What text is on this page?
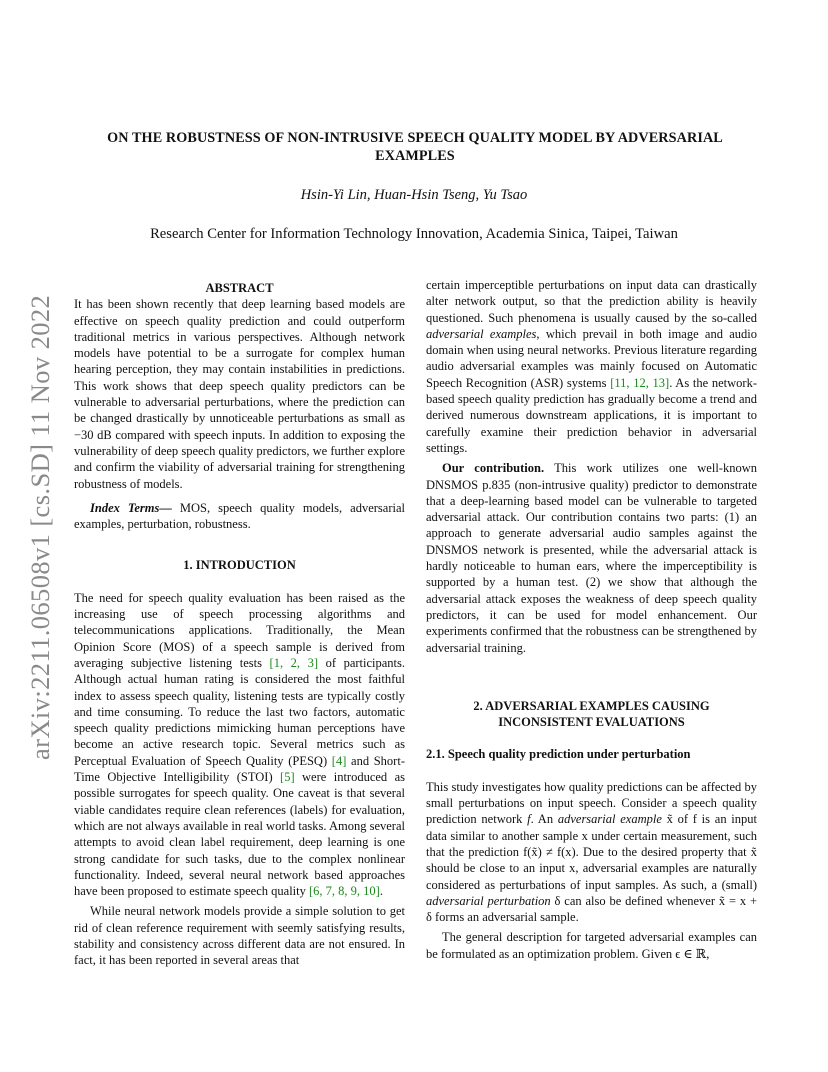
ON THE ROBUSTNESS OF NON-INTRUSIVE SPEECH QUALITY MODEL BY ADVERSARIAL EXAMPLES
Hsin-Yi Lin, Huan-Hsin Tseng, Yu Tsao
Research Center for Information Technology Innovation, Academia Sinica, Taipei, Taiwan
arXiv:2211.06508v1 [cs.SD] 11 Nov 2022

ABSTRACT

It has been shown recently that deep learning based models are effective on speech quality prediction and could outperform traditional metrics in various perspectives. Although network models have potential to be a surrogate for complex human hearing perception, they may contain instabilities in predictions. This work shows that deep speech quality predictors can be vulnerable to adversarial perturbations, where the prediction can be changed drastically by unnoticeable perturbations as small as −30 dB compared with speech inputs. In addition to exposing the vulnerability of deep speech quality predictors, we further explore and confirm the viability of adversarial training for strengthening robustness of models.

Index Terms— MOS, speech quality models, adversarial examples, perturbation, robustness.

1. INTRODUCTION

The need for speech quality evaluation has been raised as the increasing use of speech processing algorithms and telecommunications applications. Traditionally, the Mean Opinion Score (MOS) of a speech sample is derived from averaging subjective listening tests [1, 2, 3] of participants. Although actual human rating is considered the most faithful index to assess speech quality, listening tests are typically costly and time consuming. To reduce the last two factors, automatic speech quality predictions mimicking human perceptions have become an active research topic. Several metrics such as Perceptual Evaluation of Speech Quality (PESQ) [4] and Short-Time Objective Intelligibility (STOI) [5] were introduced as possible surrogates for speech quality. One caveat is that several viable candidates require clean references (labels) for evaluation, which are not always available in real world tasks. Among several attempts to avoid clean label requirement, deep learning is one strong candidate for such tasks, due to the complex nonlinear functionality. Indeed, several neural network based approaches have been proposed to estimate speech quality [6, 7, 8, 9, 10].

While neural network models provide a simple solution to get rid of clean reference requirement with seemly satisfying results, stability and consistency across different data are not ensured. In fact, it has been reported in several areas that

certain imperceptible perturbations on input data can drastically alter network output, so that the prediction ability is heavily questioned. Such phenomena is usually caused by the so-called adversarial examples, which prevail in both image and audio domain when using neural networks. Previous literature regarding audio adversarial examples was mainly focused on Automatic Speech Recognition (ASR) systems [11, 12, 13]. As the network-based speech quality prediction has gradually become a trend and derived numerous downstream applications, it is important to carefully examine their prediction behavior in adversarial settings.

Our contribution. This work utilizes one well-known DNSMOS p.835 (non-intrusive quality) predictor to demonstrate that a deep-learning based model can be vulnerable to targeted adversarial attack. Our contribution contains two parts: (1) an approach to generate adversarial audio samples against the DNSMOS network is presented, while the adversarial attack is hardly noticeable to human ears, where the imperceptibility is supported by a human test. (2) we show that although the adversarial attack exposes the weakness of deep speech quality predictors, it can be used for model enhancement. Our experiments confirmed that the robustness can be strengthened by adversarial training.

2. ADVERSARIAL EXAMPLES CAUSING
INCONSISTENT EVALUATIONS

2.1. Speech quality prediction under perturbation

This study investigates how quality predictions can be affected by small perturbations on input speech. Consider a speech quality prediction network f. An adversarial example x̃ of f is an input data similar to another sample x under certain measurement, such that the prediction f(x̃) ≠ f(x). Due to the desired property that x̃ should be close to an input x, adversarial examples are naturally considered as perturbations of input samples. As such, a (small) adversarial perturbation δ can also be defined whenever x̃ = x + δ forms an adversarial sample.

The general description for targeted adversarial examples can be formulated as an optimization problem. Given ϵ ∈ ℝ,
